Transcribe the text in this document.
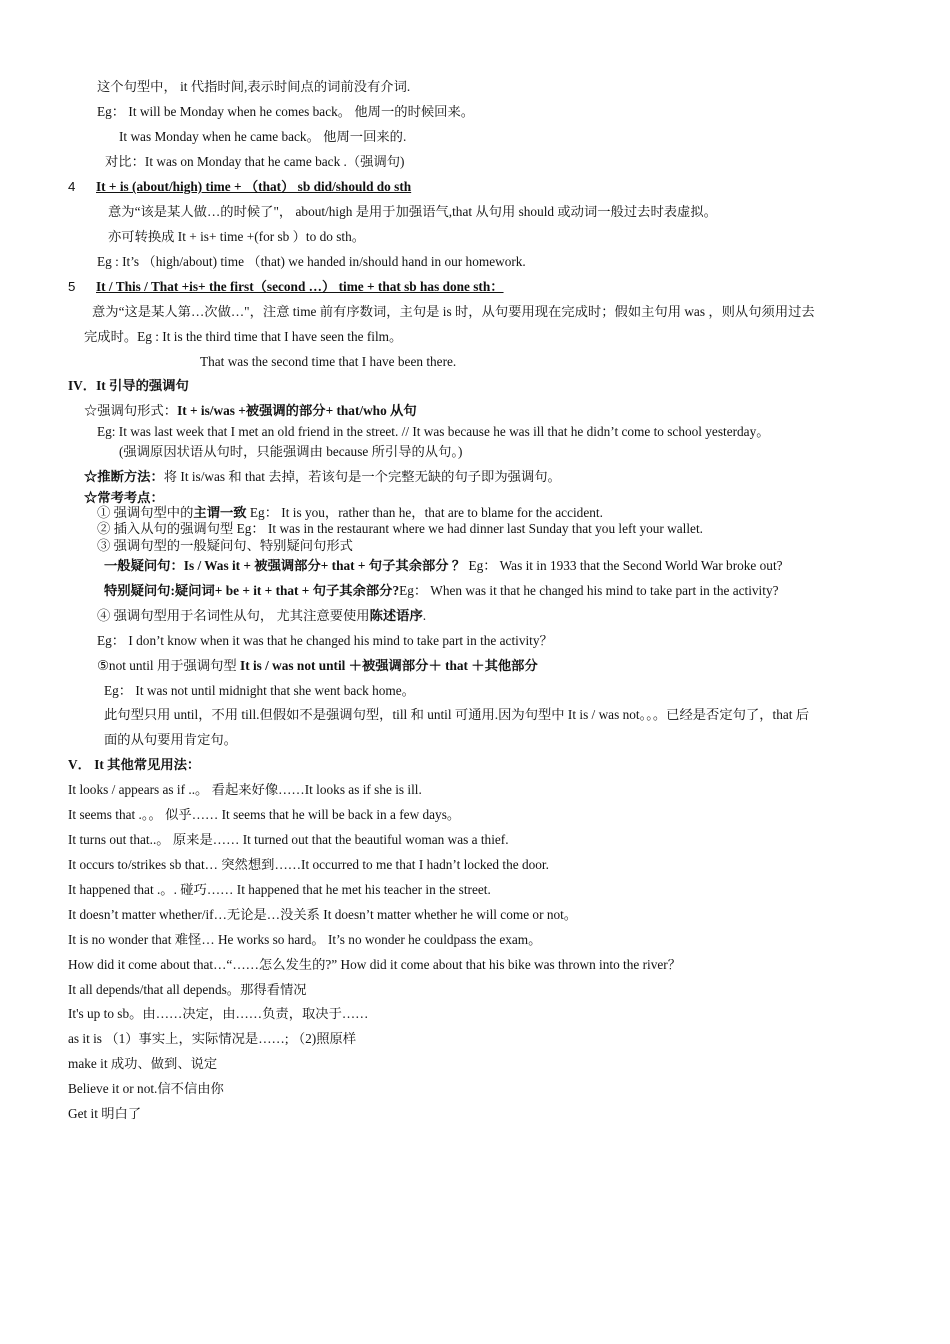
这个句型中， it 代指时间,表示时间点的词前没有介词.
Eg： It will be Monday when he comes back。 他周一的时候回来。
It was Monday when he came back。 他周一回来的.
对比：It was on Monday that he came back .（强调句)
4 It + is (about/high) time + （that） sb did/should do sth
意为“该是某人做…的时候了"， about/high 是用于加强语气,that 从句用 should 或动词一般过去时表虚拟。
亦可转换成 It + is+ time +(for sb ）to do sth。
Eg : It’s （high/about) time （that) we handed in/should hand in our homework.
5 It / This / That +is+ the first（second …） time + that sb has done sth：
意为“这是某人第…次做…"，注意 time 前有序数词，主句是 is 时，从句要用现在完成时；假如主句用 was ，则从句须用过去
完成时。Eg : It is the third time that I have seen the film。
That was the second time that I have been there.
IV．It 引导的强调句
☆强调句形式：It + is/was +被强调的部分+ that/who 从句
Eg: It was last week that I met an old friend in the street. // It was because he was ill that he didn’t come to school yesterday。
(强调原因状语从句时，只能强调由 because 所引导的从句。)
☆推断方法：将 It is/was 和 that 去掉，若该句是一个完整无缺的句子即为强调句。
☆常考考点：
① 强调句型中的主谓一致 Eg： It is you，rather than he，that are to blame for the accident.
② 插入从句的强调句型 Eg： It was in the restaurant where we had dinner last Sunday that you left your wallet.
③ 强调句型的一般疑问句、特别疑问句形式
一般疑问句：Is / Was it + 被强调部分+ that + 句子其余部分 ？ Eg： Was it in 1933 that the Second World War broke out?
特别疑问句:疑问词+ be + it + that + 句子其余部分?Eg： When was it that he changed his mind to take part in the activity?
④ 强调句型用于名词性从句， 尤其注意要使用陈述语序.
Eg： I don’t know when it was that he changed his mind to take part in the activity？
⑤not until 用于强调句型 It is / was not until ＋被强调部分＋ that ＋其他部分
Eg： It was not until midnight that she went back home。
此句型只用 until，不用 till.但假如不是强调句型，till 和 until 可通用.因为句型中 It is / was not。。。已经是否定句了，that 后
面的从句要用肯定句。
V． It 其他常见用法：
It looks / appears as if ..。 看起来好像……It looks as if she is ill.
It seems that .。。 似乎…… It seems that he will be back in a few days。
It turns out that..。 原来是…… It turned out that the beautiful woman was a thief.
It occurs to/strikes sb that… 突然想到……It occurred to me that I hadn’t locked the door.
It happened that .。. 碰巧…… It happened that he met his teacher in the street.
It doesn’t matter whether/if…无论是…没关系 It doesn’t matter whether he will come or not。
It is no wonder that 难怪… He works so hard。 It’s no wonder he couldpass the exam。
How did it come about that…“……怎么发生的?” How did it come about that his bike was thrown into the river？
It all depends/that all depends。那得看情况
It's up to sb。由……决定，由……负责，取决于……
as it is （1）事实上，实际情况是……; （2)照原样
make it 成功、做到、说定
Believe it or not.信不信由你
Get it 明白了
